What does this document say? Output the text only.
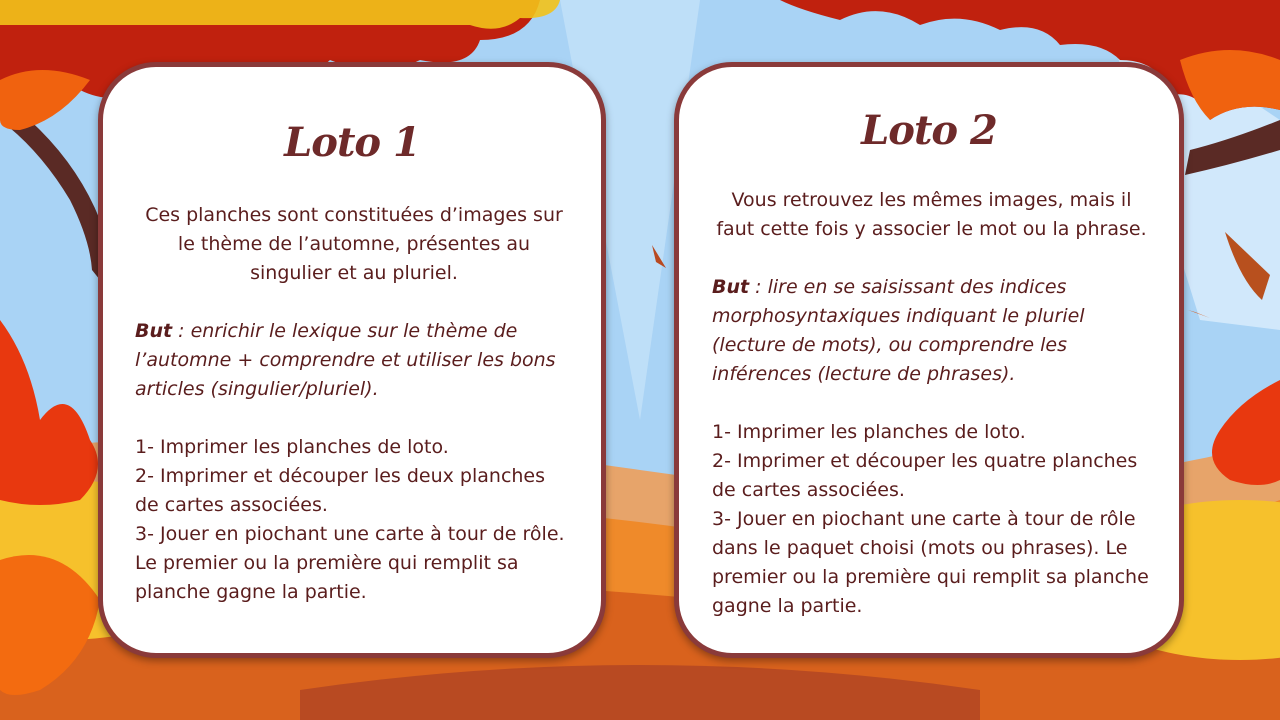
Loto 1

Ces planches sont constituées d’images sur le thème de l’automne, présentes au singulier et au pluriel.

But : enrichir le lexique sur le thème de l’automne + comprendre et utiliser les bons articles (singulier/pluriel).

1- Imprimer les planches de loto.

2- Imprimer et découper les deux planches de cartes associées.

3- Jouer en piochant une carte à tour de rôle. Le premier ou la première qui remplit sa planche gagne la partie.

Loto 2

Vous retrouvez les mêmes images, mais il faut cette fois y associer le mot ou la phrase.

But : lire en se saisissant des indices morphosyntaxiques indiquant le pluriel (lecture de mots), ou comprendre les inférences (lecture de phrases).

1- Imprimer les planches de loto.

2- Imprimer et découper les quatre planches de cartes associées.

3- Jouer en piochant une carte à tour de rôle dans le paquet choisi (mots ou phrases). Le premier ou la première qui remplit sa planche gagne la partie.
